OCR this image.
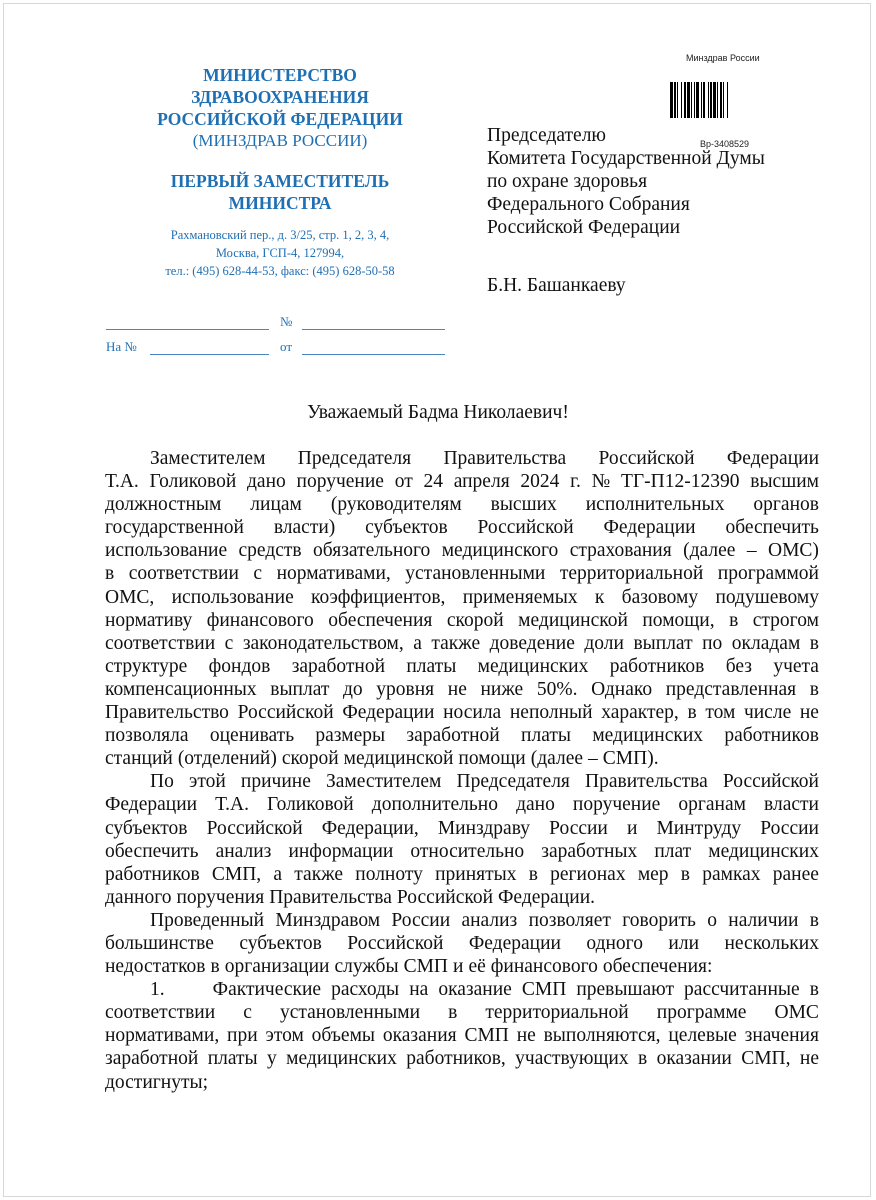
МИНИСТЕРСТВО
ЗДРАВООХРАНЕНИЯ
РОССИЙСКОЙ ФЕДЕРАЦИИ
(МИНЗДРАВ РОССИИ)
ПЕРВЫЙ ЗАМЕСТИТЕЛЬ
МИНИСТРА
Рахмановский пер., д. 3/25, стр. 1, 2, 3, 4,
Москва, ГСП-4, 127994,
тел.: (495) 628-44-53, факс: (495) 628-50-58
№
На №	от
Минздрав России
Вр-3408529
Председателю
Комитета Государственной Думы
по охране здоровья
Федерального Собрания
Российской Федерации
Б.Н. Башанкаеву
Уважаемый Бадма Николаевич!
Заместителем Председателя Правительства Российской Федерации
Т.А. Голиковой дано поручение от 24 апреля 2024 г. № ТГ-П12-12390 высшим
должностным лицам (руководителям высших исполнительных органов
государственной власти) субъектов Российской Федерации обеспечить
использование средств обязательного медицинского страхования (далее – ОМС)
в соответствии с нормативами, установленными территориальной программой
ОМС, использование коэффициентов, применяемых к базовому подушевому
нормативу финансового обеспечения скорой медицинской помощи, в строгом
соответствии с законодательством, а также доведение доли выплат по окладам в
структуре фондов заработной платы медицинских работников без учета
компенсационных выплат до уровня не ниже 50%. Однако представленная в
Правительство Российской Федерации носила неполный характер, в том числе не
позволяла оценивать размеры заработной платы медицинских работников
станций (отделений) скорой медицинской помощи (далее – СМП).
По этой причине Заместителем Председателя Правительства Российской
Федерации Т.А. Голиковой дополнительно дано поручение органам власти
субъектов Российской Федерации, Минздраву России и Минтруду России
обеспечить анализ информации относительно заработных плат медицинских
работников СМП, а также полноту принятых в регионах мер в рамках ранее
данного поручения Правительства Российской Федерации.
Проведенный Минздравом России анализ позволяет говорить о наличии в
большинстве субъектов Российской Федерации одного или нескольких
недостатков в организации службы СМП и её финансового обеспечения:
1. Фактические расходы на оказание СМП превышают рассчитанные в
соответствии с установленными в территориальной программе ОМС
нормативами, при этом объемы оказания СМП не выполняются, целевые значения
заработной платы у медицинских работников, участвующих в оказании СМП, не
достигнуты;
